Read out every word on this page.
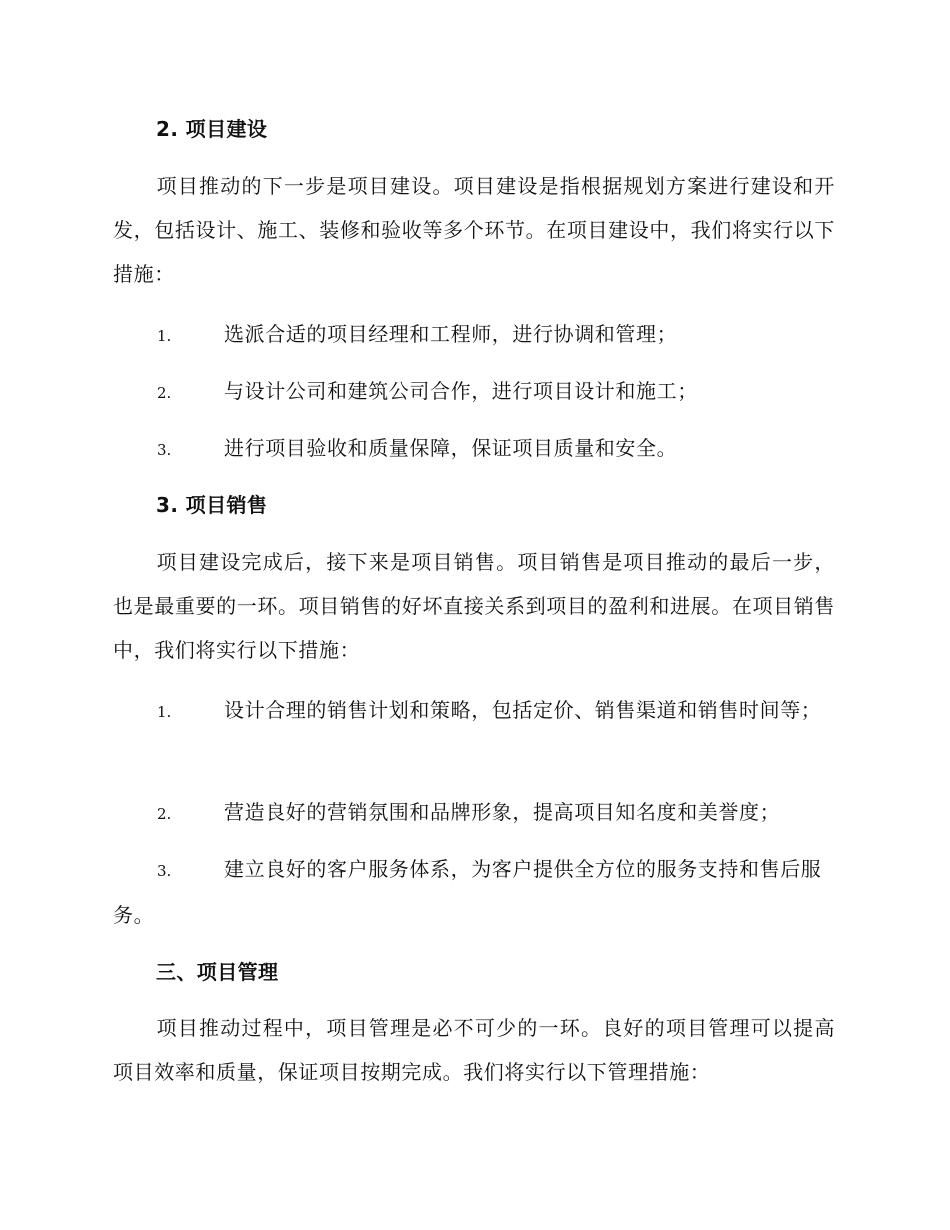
2. 项目建设
项目推动的下一步是项目建设。项目建设是指根据规划方案进行建设和开发，包括设计、施工、装修和验收等多个环节。在项目建设中，我们将实行以下措施：
1.	选派合适的项目经理和工程师，进行协调和管理；
2.	与设计公司和建筑公司合作，进行项目设计和施工；
3.	进行项目验收和质量保障，保证项目质量和安全。
3. 项目销售
项目建设完成后，接下来是项目销售。项目销售是项目推动的最后一步，也是最重要的一环。项目销售的好坏直接关系到项目的盈利和进展。在项目销售中，我们将实行以下措施：
1.	设计合理的销售计划和策略，包括定价、销售渠道和销售时间等；
2.	营造良好的营销氛围和品牌形象，提高项目知名度和美誉度；
3.	建立良好的客户服务体系，为客户提供全方位的服务支持和售后服务。
三、项目管理
项目推动过程中，项目管理是必不可少的一环。良好的项目管理可以提高项目效率和质量，保证项目按期完成。我们将实行以下管理措施：
